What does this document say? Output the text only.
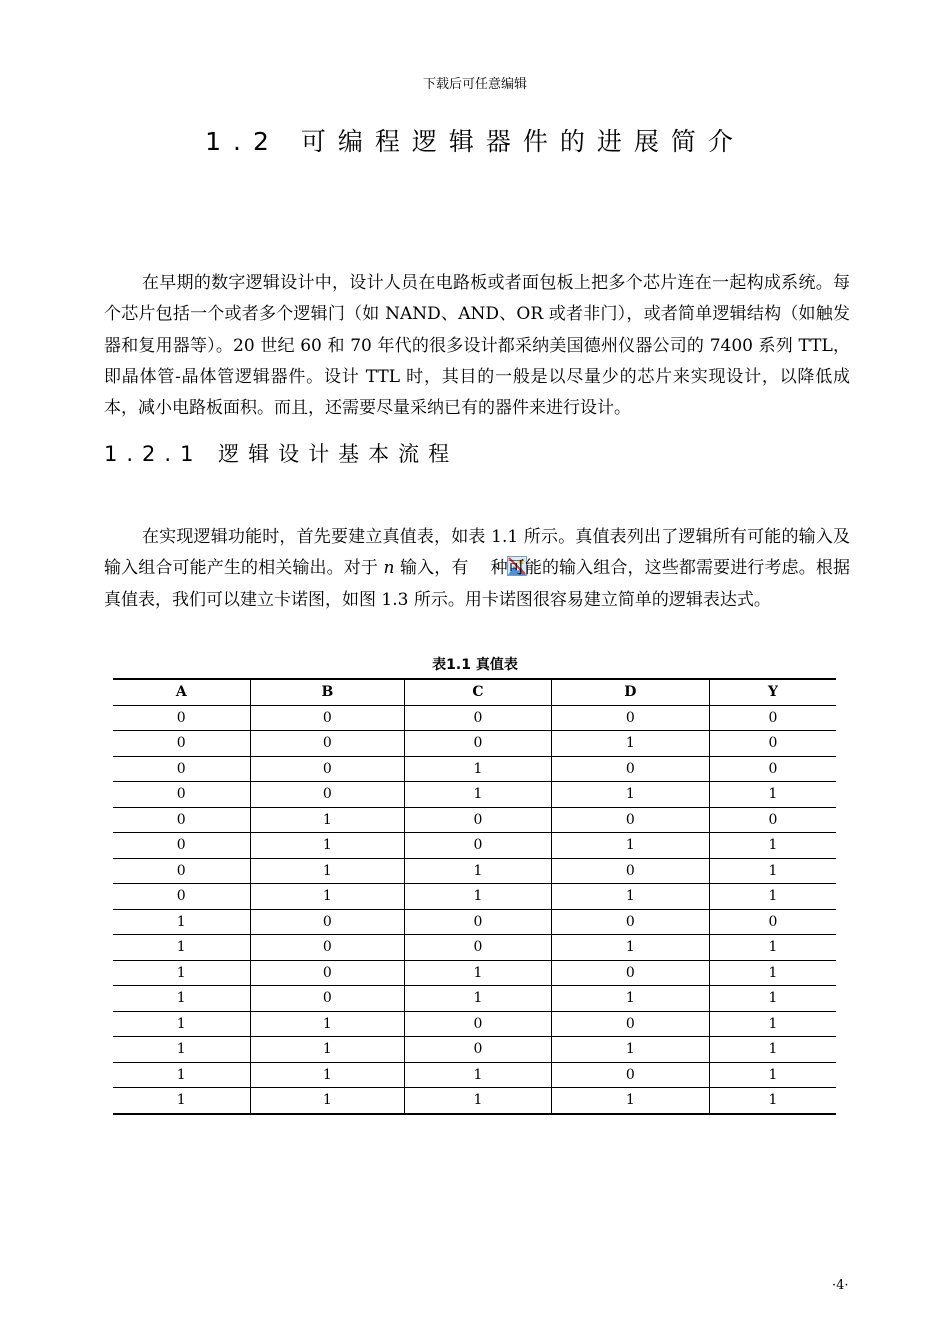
下载后可任意编辑
1.2 可编程逻辑器件的进展简介

在早期的数字逻辑设计中，设计人员在电路板或者面包板上把多个芯片连在一起构成系统。每个芯片包括一个或者多个逻辑门（如 NAND、AND、OR 或者非门），或者简单逻辑结构（如触发器和复用器等）。20 世纪 60 和 70 年代的很多设计都采纳美国德州仪器公司的 7400 系列 TTL，即晶体管-晶体管逻辑器件。设计 TTL 时，其目的一般是以尽量少的芯片来实现设计，以降低成本，减小电路板面积。而且，还需要尽量采纳已有的器件来进行设计。

1.2.1 逻辑设计基本流程

在实现逻辑功能时，首先要建立真值表，如表 1.1 所示。真值表列出了逻辑所有可能的输入及输入组合可能产生的相关输出。对于 n 输入，有 种可能的输入组合，这些都需要进行考虑。根据真值表，我们可以建立卡诺图，如图 1.3 所示。用卡诺图很容易建立简单的逻辑表达式。

表1.1 真值表
A	B	C	D	Y
0	0	0	0	0
0	0	0	1	0
0	0	1	0	0
0	0	1	1	1
0	1	0	0	0
0	1	0	1	1
0	1	1	0	1
0	1	1	1	1
1	0	0	0	0
1	0	0	1	1
1	0	1	0	1
1	0	1	1	1
1	1	0	0	1
1	1	0	1	1
1	1	1	0	1
1	1	1	1	1
·4·
